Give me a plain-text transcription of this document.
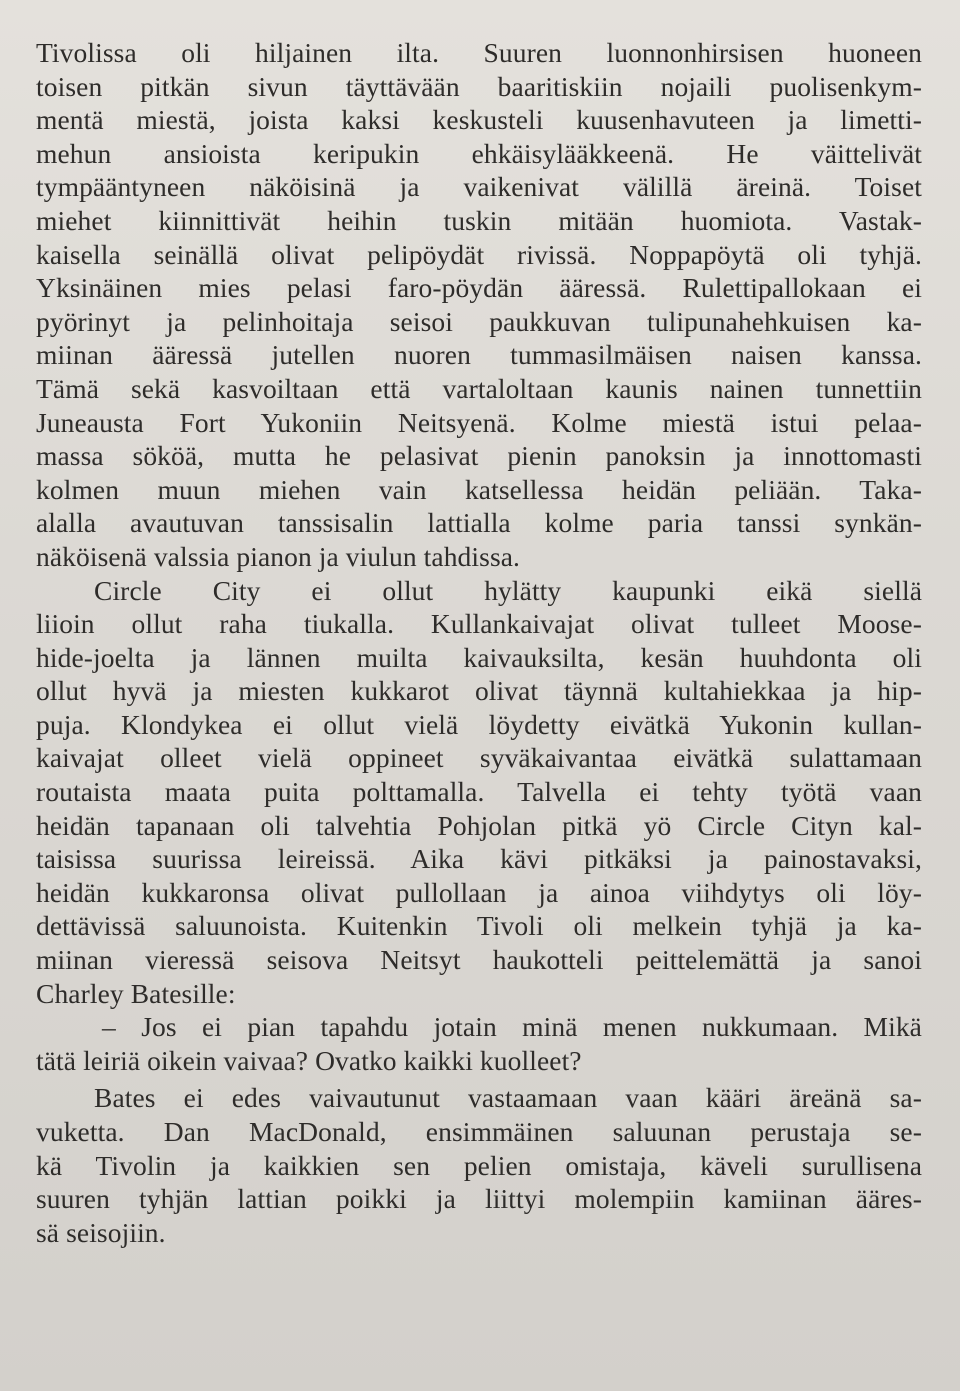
Tivolissa oli hiljainen ilta. Suuren luonnonhirsisen huoneen
toisen pitkän sivun täyttävään baaritiskiin nojaili puolisenkym-
mentä miestä, joista kaksi keskusteli kuusenhavuteen ja limetti-
mehun ansioista keripukin ehkäisylääkkeenä. He väittelivät
tympääntyneen näköisinä ja vaikenivat välillä äreinä. Toiset
miehet kiinnittivät heihin tuskin mitään huomiota. Vastak-
kaisella seinällä olivat pelipöydät rivissä. Noppapöytä oli tyhjä.
Yksinäinen mies pelasi faro-pöydän ääressä. Rulettipallokaan ei
pyörinyt ja pelinhoitaja seisoi paukkuvan tulipunahehkuisen ka-
miinan ääressä jutellen nuoren tummasilmäisen naisen kanssa.
Tämä sekä kasvoiltaan että vartaloltaan kaunis nainen tunnettiin
Juneausta Fort Yukoniin Neitsyenä. Kolme miestä istui pelaa-
massa sököä, mutta he pelasivat pienin panoksin ja innottomasti
kolmen muun miehen vain katsellessa heidän peliään. Taka-
alalla avautuvan tanssisalin lattialla kolme paria tanssi synkän-
näköisenä valssia pianon ja viulun tahdissa.
Circle City ei ollut hylätty kaupunki eikä siellä
liioin ollut raha tiukalla. Kullankaivajat olivat tulleet Moose-
hide-joelta ja lännen muilta kaivauksilta, kesän huuhdonta oli
ollut hyvä ja miesten kukkarot olivat täynnä kultahiekkaa ja hip-
puja. Klondykea ei ollut vielä löydetty eivätkä Yukonin kullan-
kaivajat olleet vielä oppineet syväkaivantaa eivätkä sulattamaan
routaista maata puita polttamalla. Talvella ei tehty työtä vaan
heidän tapanaan oli talvehtia Pohjolan pitkä yö Circle Cityn kal-
taisissa suurissa leireissä. Aika kävi pitkäksi ja painostavaksi,
heidän kukkaronsa olivat pullollaan ja ainoa viihdytys oli löy-
dettävissä saluunoista. Kuitenkin Tivoli oli melkein tyhjä ja ka-
miinan vieressä seisova Neitsyt haukotteli peittelemättä ja sanoi
Charley Batesille:
– Jos ei pian tapahdu jotain minä menen nukkumaan. Mikä
tätä leiriä oikein vaivaa? Ovatko kaikki kuolleet?
Bates ei edes vaivautunut vastaamaan vaan kääri äreänä sa-
vuketta. Dan MacDonald, ensimmäinen saluunan perustaja se-
kä Tivolin ja kaikkien sen pelien omistaja, käveli surullisena
suuren tyhjän lattian poikki ja liittyi molempiin kamiinan ääres-
sä seisojiin.
